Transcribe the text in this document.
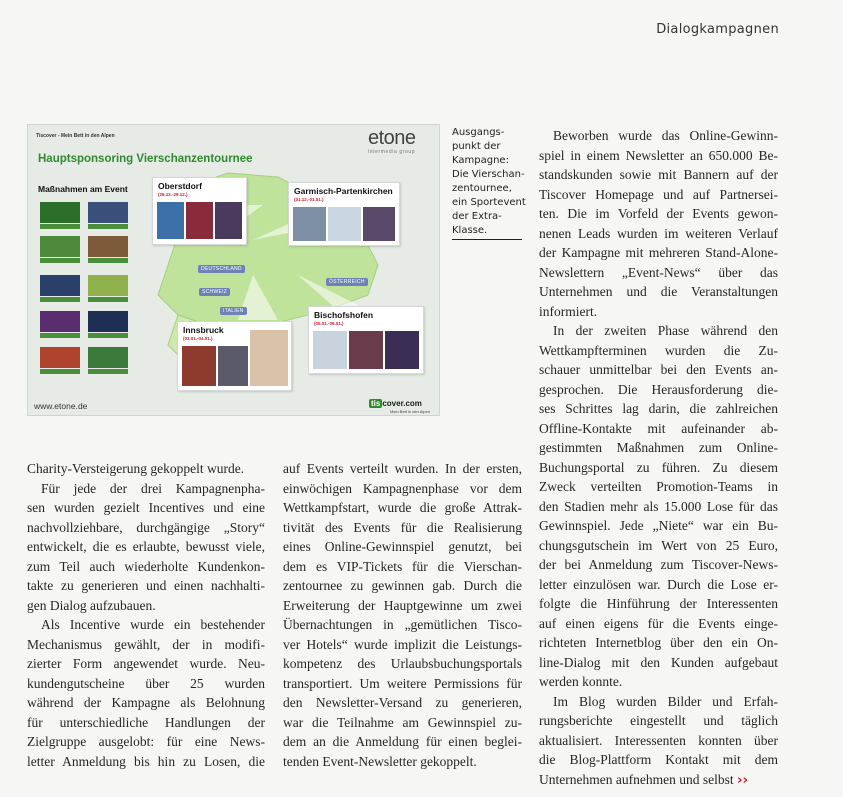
Dialogkampagnen
Tiscover - Mein Bett in den Alpen
Hauptsponsoring Vierschanzentournee
Maßnahmen am Event
etone
intermedia group
DEUTSCHLAND
SCHWEIZ
ITALIEN
ÖSTERREICH
Oberstdorf
(28.12.-29.12.)	Garmisch-Partenkirchen
(31.12.-01.01.)
Innsbruck
(03.01.-04.01.)
Bischofshofen
(05.01.-06.01.)
www.etone.de	tis cover.com
Mein Bett in den Alpen
Ausgangs-
punkt der
Kampagne:
Die Vierschan-
zentournee,
ein Sportevent
der Extra-
Klasse.
Charity-Versteigerung gekoppelt wurde.
Für jede der drei Kampagnenpha-
sen wurden gezielt Incentives und eine
nachvollziehbare, durchgängige „Story“
entwickelt, die es erlaubte, bewusst viele,
zum Teil auch wiederholte Kundenkon-
takte zu generieren und einen nachhalti-
gen Dialog aufzubauen.
Als Incentive wurde ein bestehender
Mechanismus gewählt, der in modifi-
zierter Form angewendet wurde. Neu-
kundengutscheine über 25 wurden
während der Kampagne als Belohnung
für unterschiedliche Handlungen der
Zielgruppe ausgelobt: für eine News-
letter Anmeldung bis hin zu Losen, die
auf Events verteilt wurden. In der ersten,
einwöchigen Kampagnenphase vor dem
Wettkampfstart, wurde die große Attrak-
tivität des Events für die Realisierung
eines Online-Gewinnspiel genutzt, bei
dem es VIP-Tickets für die Vierschan-
zentournee zu gewinnen gab. Durch die
Erweiterung der Hauptgewinne um zwei
Übernachtungen in „gemütlichen Tisco-
ver Hotels“ wurde implizit die Leistungs-
kompetenz des Urlaubsbuchungsportals
transportiert. Um weitere Permissions für
den Newsletter-Versand zu generieren,
war die Teilnahme am Gewinnspiel zu-
dem an die Anmeldung für einen beglei-
tenden Event-Newsletter gekoppelt.
Beworben wurde das Online-Gewinn-
spiel in einem Newsletter an 650.000 Be-
standskunden sowie mit Bannern auf der
Tiscover Homepage und auf Partnersei-
ten. Die im Vorfeld der Events gewon-
nenen Leads wurden im weiteren Verlauf
der Kampagne mit mehreren Stand-Alone-
Newslettern „Event-News“ über das
Unternehmen und die Veranstaltungen
informiert.
In der zweiten Phase während den
Wettkampfterminen wurden die Zu-
schauer unmittelbar bei den Events an-
gesprochen. Die Herausforderung die-
ses Schrittes lag darin, die zahlreichen
Offline-Kontakte mit aufeinander ab-
gestimmten Maßnahmen zum Online-
Buchungsportal zu führen. Zu diesem
Zweck verteilten Promotion-Teams in
den Stadien mehr als 15.000 Lose für das
Gewinnspiel. Jede „Niete“ war ein Bu-
chungsgutschein im Wert von 25 Euro,
der bei Anmeldung zum Tiscover-News-
letter einzulösen war. Durch die Lose er-
folgte die Hinführung der Interessenten
auf einen eigens für die Events einge-
richteten Internetblog über den ein On-
line-Dialog mit den Kunden aufgebaut
werden konnte.
Im Blog wurden Bilder und Erfah-
rungsberichte eingestellt und täglich
aktualisiert. Interessenten konnten über
die Blog-Plattform Kontakt mit dem
Unternehmen aufnehmen und selbst ››
